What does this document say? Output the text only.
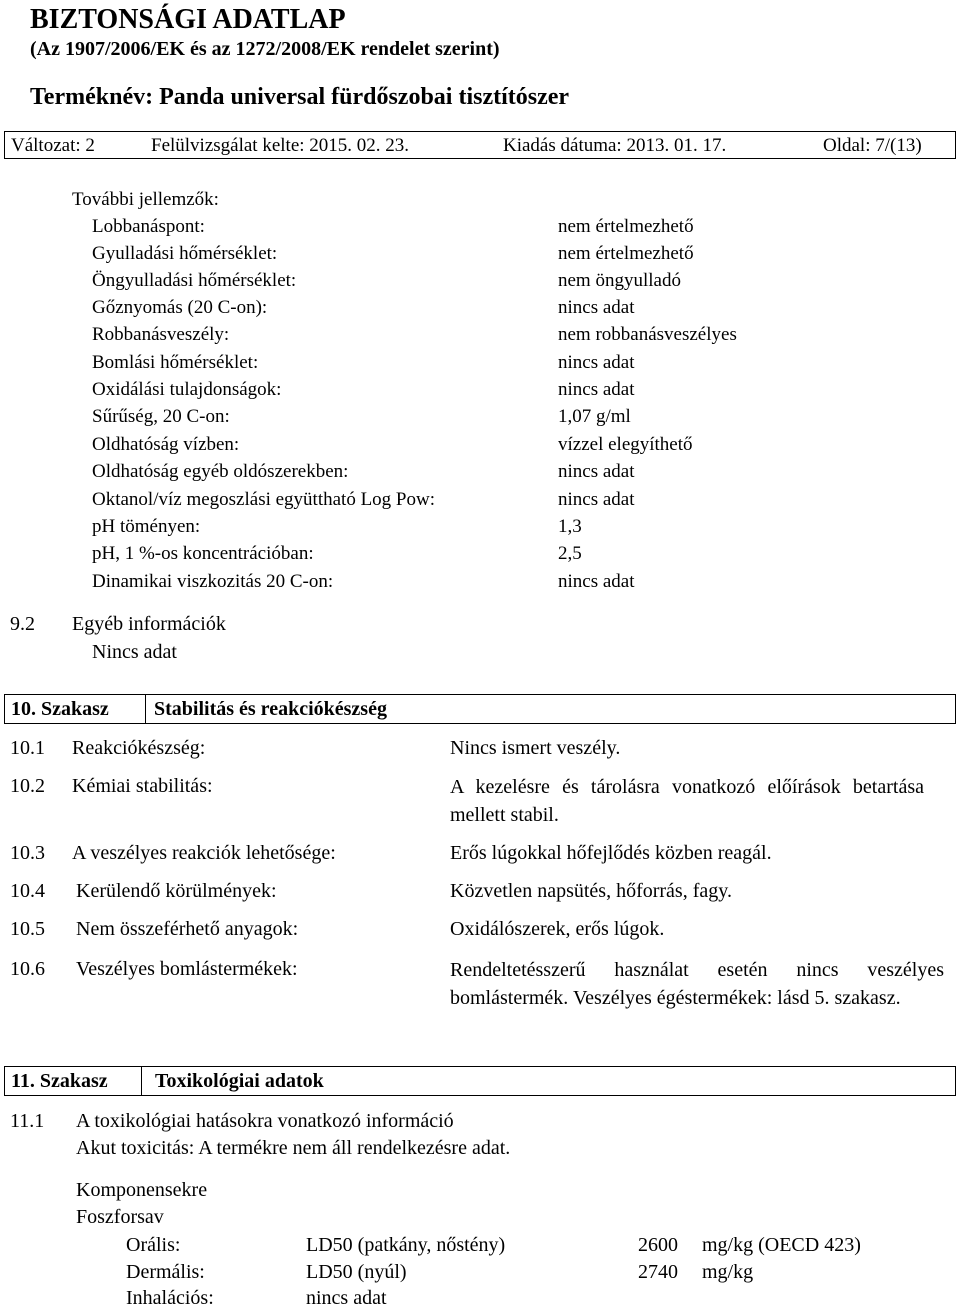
BIZTONSÁGI ADATLAP
(Az 1907/2006/EK és az 1272/2008/EK rendelet szerint)
Terméknév: Panda universal fürdőszobai tisztítószer
Változat: 2	Felülvizsgálat kelte: 2015. 02. 23.	Kiadás dátuma: 2013. 01. 17.	Oldal: 7/(13)
További jellemzők:
Lobbanáspont:	nem értelmezhető
Gyulladási hőmérséklet:	nem értelmezhető
Öngyulladási hőmérséklet:	nem öngyulladó
Gőznyomás (20 C-on):	nincs adat
Robbanásveszély:	nem robbanásveszélyes
Bomlási hőmérséklet:	nincs adat
Oxidálási tulajdonságok:	nincs adat
Sűrűség, 20 C-on:	1,07 g/ml
Oldhatóság vízben:	vízzel elegyíthető
Oldhatóság egyéb oldószerekben:	nincs adat
Oktanol/víz megoszlási együttható Log Pow:	nincs adat
pH töményen:	1,3
pH, 1 %-os koncentrációban:	2,5
Dinamikai viszkozitás 20 C-on:	nincs adat
9.2 Egyéb információk
Nincs adat
10. Szakasz	Stabilitás és reakciókészség
10.1 Reakciókészség:	Nincs ismert veszély.
10.2 Kémiai stabilitás:	A kezelésre és tárolásra vonatkozó előírások betartása mellett stabil.
10.3 A veszélyes reakciók lehetősége:	Erős lúgokkal hőfejlődés közben reagál.
10.4 Kerülendő körülmények:	Közvetlen napsütés, hőforrás, fagy.
10.5 Nem összeférhető anyagok:	Oxidálószerek, erős lúgok.
10.6 Veszélyes bomlástermékek:	Rendeltetésszerű használat esetén nincs veszélyes bomlástermék. Veszélyes égéstermékek: lásd 5. szakasz.
11. Szakasz	Toxikológiai adatok
11.1 A toxikológiai hatásokra vonatkozó információ
Akut toxicitás: A termékre nem áll rendelkezésre adat.
Komponensekre
Foszforsav
Orális:	LD50 (patkány, nőstény)	2600 mg/kg (OECD 423)
Dermális:	LD50 (nyúl)	2740 mg/kg
Inhalációs:	nincs adat
